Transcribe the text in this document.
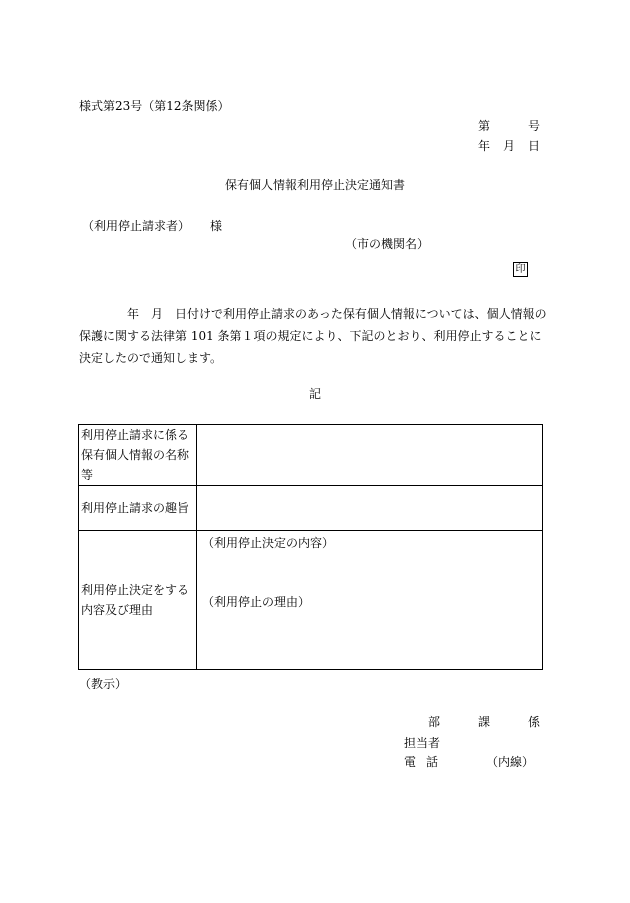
様式第23号（第12条関係）
第	号
年 月 日
保有個人情報利用停止決定通知書
（利用停止請求者） 様
（市の機関名）
印

　　　　年　月　日付けで利用停止請求のあった保有個人情報については、個人情報の

保護に関する法律第 101 条第１項の規定により、下記のとおり、利用停止することに

決定したので通知します。

記
利用停止請求に係る保有個人情報の名称等	
利用停止請求の趣旨	
利用停止決定をする内容及び理由	（利用停止決定の内容）
（利用停止の理由）
（教示）
部	課	係
担当者
電話	（内線）
